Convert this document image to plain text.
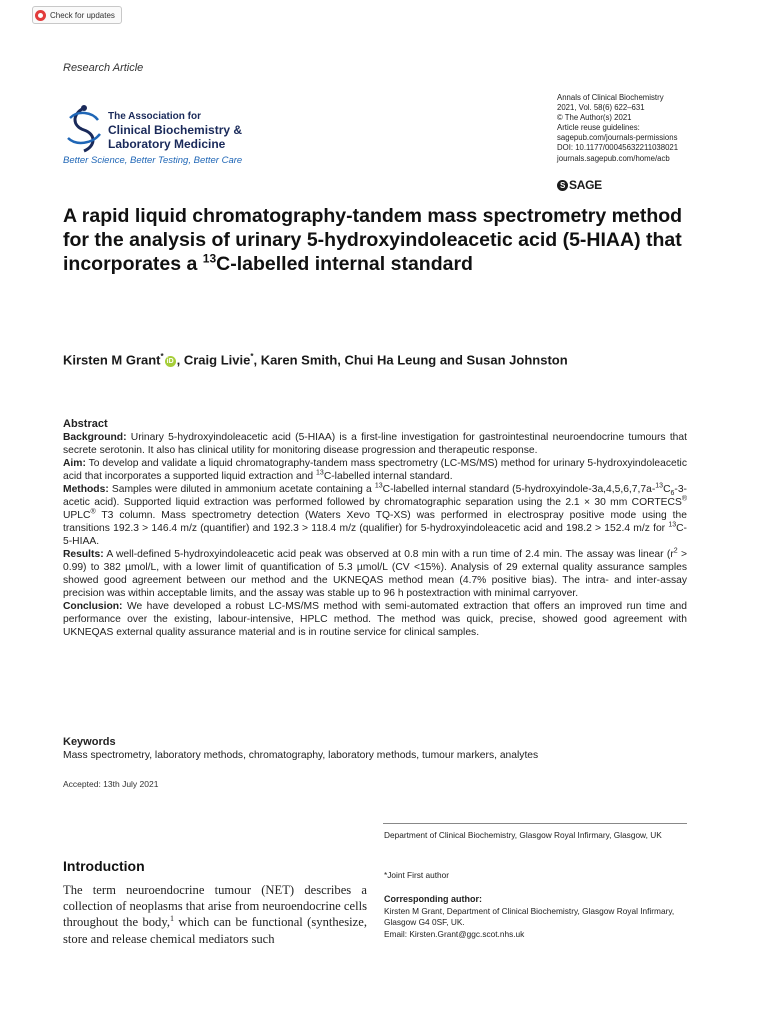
Check for updates
Research Article
The Association for
Clinical Biochemistry &
Laboratory Medicine
Better Science, Better Testing, Better Care
Annals of Clinical Biochemistry
2021, Vol. 58(6) 622–631
© The Author(s) 2021
Article reuse guidelines:
sagepub.com/journals-permissions
DOI: 10.1177/00045632211038021
journals.sagepub.com/home/acb
S SAGE
A rapid liquid chromatography-tandem mass spectrometry method for the analysis of urinary 5-hydroxyindoleacetic acid (5-HIAA) that incorporates a $^{13}$C-labelled internal standard
Kirsten M Grant*iD , Craig Livie*, Karen Smith, Chui Ha Leung and Susan Johnston
Abstract

Background: Urinary 5-hydroxyindoleacetic acid (5-HIAA) is a first-line investigation for gastrointestinal neuroendocrine tumours that secrete serotonin. It also has clinical utility for monitoring disease progression and therapeutic response.

Aim: To develop and validate a liquid chromatography-tandem mass spectrometry (LC-MS/MS) method for urinary 5-hydroxyindoleacetic acid that incorporates a supported liquid extraction and $^{13}$C-labelled internal standard.

Methods: Samples were diluted in ammonium acetate containing a $^{13}$C-labelled internal standard ($5-hydroxyindole-3a,4,5,6,7,7a-^{13}C_6-3$-acetic acid). Supported liquid extraction was performed followed by chromatographic separation using the 2.1 × 30 mm CORTECS® UPLC® T3 column. Mass spectrometry detection (Waters Xevo TQ-XS) was performed in electrospray positive mode using the transitions 192.3 > 146.4 m/z (quantifier) and 192.3 > 118.4 m/z (qualifier) for 5-hydroxyindoleacetic acid and 198.2 > 152.4 m/z for $^{13}$C-5-HIAA.

Results: A well-defined 5-hydroxyindoleacetic acid peak was observed at 0.8 min with a run time of 2.4 min. The assay was linear $(r^2 > 0.99)$ to 382 µmol/L, with a lower limit of quantification of 5.3 µmol/L (CV <15%). Analysis of 29 external quality assurance samples showed good agreement between our method and the UKNEQAS method mean (4.7% positive bias). The intra- and inter-assay precision was within acceptable limits, and the assay was stable up to 96 h postextraction with minimal carryover.

Conclusion: We have developed a robust LC-MS/MS method with semi-automated extraction that offers an improved run time and performance over the existing, labour-intensive, HPLC method. The method was quick, precise, showed good agreement with UKNEQAS external quality assurance material and is in routine service for clinical samples.

Keywords
Mass spectrometry, laboratory methods, chromatography, laboratory methods, tumour markers, analytes
Accepted: 13th July 2021
Department of Clinical Biochemistry, Glasgow Royal Infirmary, Glasgow, UK
*Joint First author
Corresponding author:
Kirsten M Grant, Department of Clinical Biochemistry, Glasgow Royal Infirmary, Glasgow G4 0SF, UK.
Email: Kirsten.Grant@ggc.scot.nhs.uk
Introduction

The term neuroendocrine tumour (NET) describes a collection of neoplasms that arise from neuroendocrine cells throughout the body,$^1$ which can be functional (synthesize, store and release chemical mediators such
